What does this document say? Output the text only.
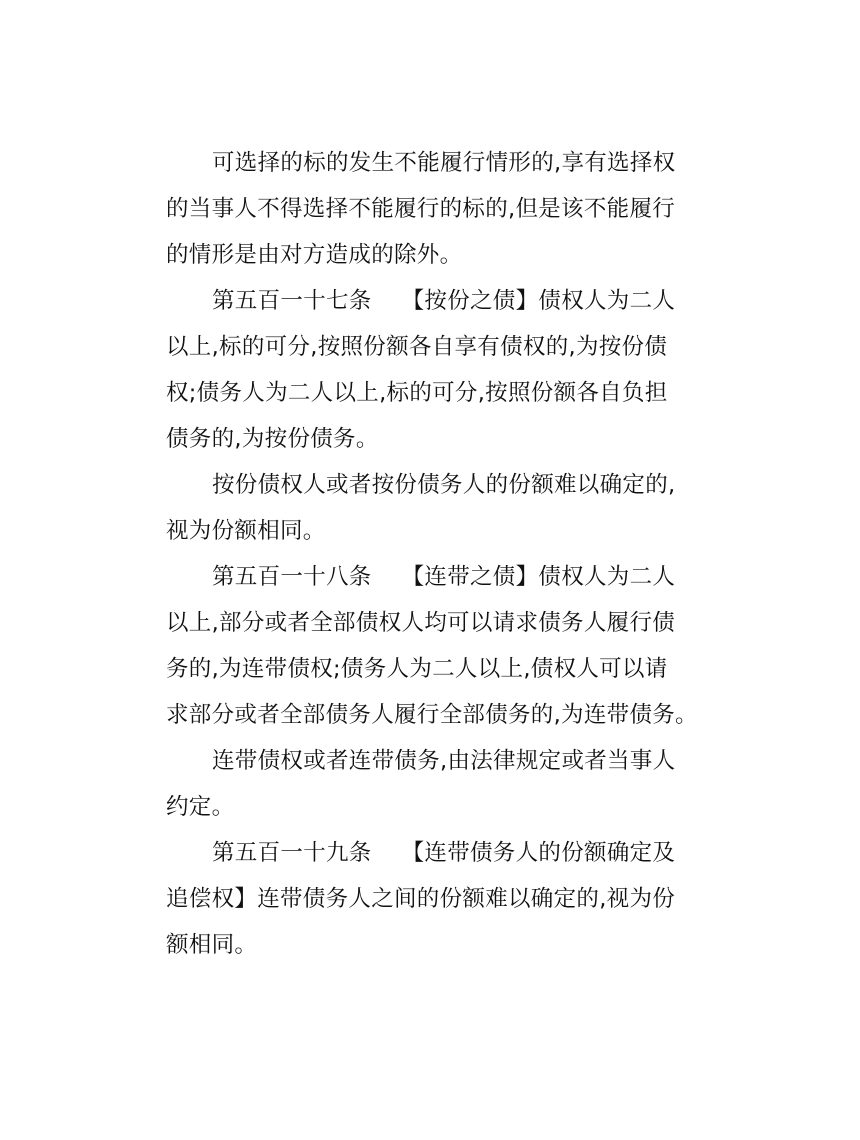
可选择的标的发生不能履行情形的,享有选择权
的当事人不得选择不能履行的标的,但是该不能履行
的情形是由对方造成的除外。
第五百一十七条 【按份之债】债权人为二人
以上,标的可分,按照份额各自享有债权的,为按份债
权;债务人为二人以上,标的可分,按照份额各自负担
债务的,为按份债务。
按份债权人或者按份债务人的份额难以确定的,
视为份额相同。
第五百一十八条 【连带之债】债权人为二人
以上,部分或者全部债权人均可以请求债务人履行债
务的,为连带债权;债务人为二人以上,债权人可以请
求部分或者全部债务人履行全部债务的,为连带债务。
连带债权或者连带债务,由法律规定或者当事人
约定。
第五百一十九条 【连带债务人的份额确定及
追偿权】连带债务人之间的份额难以确定的,视为份
额相同。
